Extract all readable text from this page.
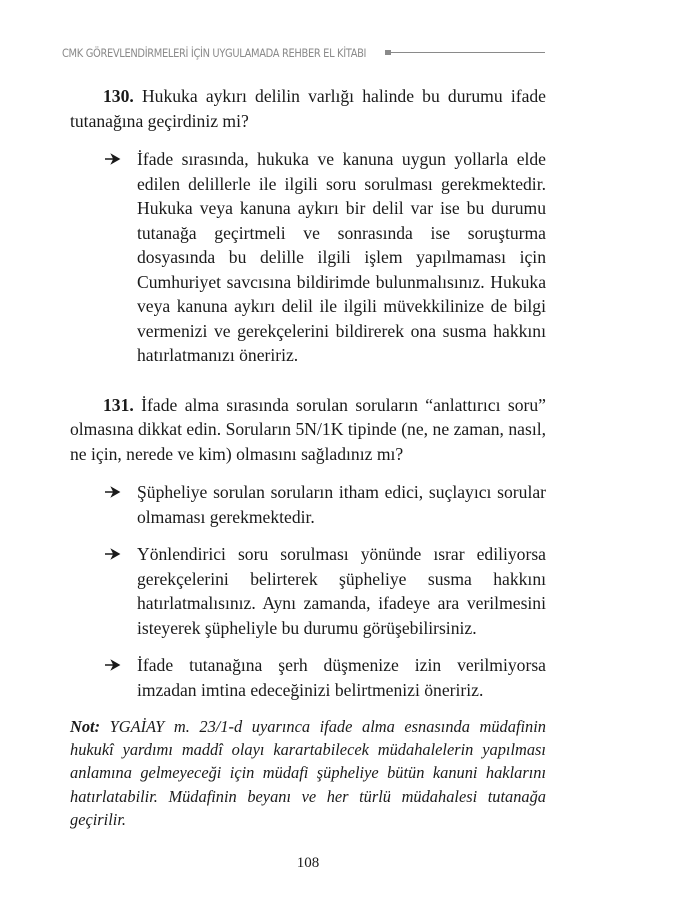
CMK GÖREVLENDİRMELERİ İÇİN UYGULAMADA REHBER EL KİTABI

130. Hukuka aykırı delilin varlığı halinde bu durumu ifade tutanağına geçirdiniz mi?

İfade sırasında, hukuka ve kanuna uygun yollarla elde edilen delillerle ile ilgili soru sorulması gerekmektedir. Hukuka veya kanuna aykırı bir delil var ise bu durumu tutanağa geçirtmeli ve sonrasında ise soruşturma dosyasında bu delille ilgili işlem yapılmaması için Cumhuriyet savcısına bildirimde bulunmalısınız. Hukuka veya kanuna aykırı delil ile ilgili müvekkilinize de bilgi vermenizi ve gerekçelerini bildirerek ona susma hakkını hatırlatmanızı öneririz.

131. İfade alma sırasında sorulan soruların “anlattırıcı soru” olmasına dikkat edin. Soruların 5N/1K tipinde (ne, ne zaman, nasıl, ne için, nerede ve kim) olmasını sağladınız mı?

Şüpheliye sorulan soruların itham edici, suçlayıcı sorular olmaması gerekmektedir.
Yönlendirici soru sorulması yönünde ısrar ediliyorsa gerekçelerini belirterek şüpheliye susma hakkını hatırlatmalısınız. Aynı zamanda, ifadeye ara verilmesini isteyerek şüpheliyle bu durumu görüşebilirsiniz.
İfade tutanağına şerh düşmenize izin verilmiyorsa imzadan imtina edeceğinizi belirtmenizi öneririz.

Not: YGAİAY m. 23/1-d uyarınca ifade alma esnasında müdafinin hukukî yardımı maddî olayı karartabilecek müdahalelerin yapılması anlamına gelmeyeceği için müdafi şüpheliye bütün kanuni haklarını hatırlatabilir. Müdafinin beyanı ve her türlü müdahalesi tutanağa geçirilir.

108
